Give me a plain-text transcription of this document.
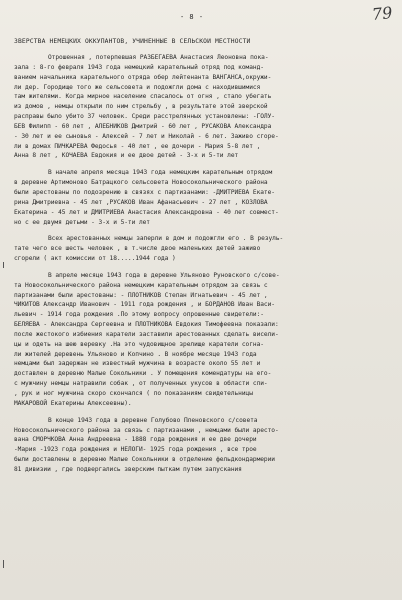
- 8 -	79
ЗВЕРСТВА НЕМЕЦКИХ ОККУПАНТОВ, УЧИНЕННЫЕ В СЕЛЬСКОЙ МЕСТНОСТИ
Отрошенная , потерпевшая РАЗБЕГАЕВА Анастасия Леоновна пока-
зала : 8-го февраля 1943 года немецкий карательный отряд под команд-
ванием начальника карательного отряда обер лейтенанта ВАНГАНСА,окружи-
ли дер. Городище того же сельсовета и подожгли дома с находившимися
там жителями. Когда мирное население спасалось от огня , стало убегать
из домов , немцы открыли по ним стрельбу , в результате этой зверской
расправы было убито 37 человек. Среди расстрелянных установлены: -ГОЛУ-
БЕВ Филипп - 60 лет , АЛЕБНИКОВ Дмитрий - 60 лет , РУСАКОВА Александра
- 30 лет и ее сыновья - Алексей - 7 лет и Николай - 6 лет. Заживо сгоре-
ли в домах ПИЧКАРЕВА Федосья - 40 лет , ее дочери - Мария 5-8 лет ,
Анна 8 лет , КОЧАЕВА Евдокия и ее двое детей - 3-х и 5-ти лет
В начале апреля месяца 1943 года немецким карательным отрядом
в деревне Артимоново Батрацкого сельсовета Новосокольнического района
были арестованы по подозрению в связях с партизанами: -ДМИТРИЕВА Екате-
рина Дмитриевна - 45 лет ,РУСАКОВ Иван Афанасьевич - 27 лет , КОЗЛОВА
Екатерина - 45 лет и ДМИТРИЕВА Анастасия Александровна - 40 лет совмест-
но с ее двумя детьми - 3-х и 5-ти лет
Всех арестованных немцы заперли в дом и подожгли его . В резуль-
тате чего все шесть человек , в т.числе двое маленьких детей заживо
сгорели ( акт комиссии от 18.....1944 года )
В апреле месяце 1943 года в деревне Ульяново Руновского с/сове-
та Новосокольнического района немецким карательным отрядом за связь с
партизанами были арестованы: - ПЛОТНИКОВ Степан Игнатьевич - 45 лет ,
ЧИКИТОВ Александр Иванович - 1911 года рождения , и БОРДАНОВ Иван Васи-
льевич - 1914 года рождения .По этому вопросу опрошенные свидетели:-
БЕЛЯЕВА - Александра Сергеевна и ПЛОТНИКОВА Евдокия Тимофеевна показали:
после жестокого избиения каратели заставили арестованных сделать висели-
цы и одеть на шею веревку .На это чудовищное зрелище каратели согна-
ли жителей деревень Ульяново и Копчино . В ноябре месяце 1943 года
немцами был задержан не известный мужчина в возрасте около 55 лет и
доставлен в деревню Малые Сокольники . У помещения комендатуры на его-
с мужчину немцы натравили собак , от полученных укусов в области спи-
, рук и ног мужчина скоро скончался ( по показаниям свидетельницы
МАКАРОВОЙ Екатерины Алексеевны).
В конце 1943 года в деревне Голубово Пленовского с/совета
Новосокольнического района за связь с партизанами , немцами были аресто-
вана СМОРЧКОВА Анна Андреевна - 1888 года рождения и ее две дочери
-Мария -1923 года рождения и НЕЛОГИ- 1925 года рождения , все трое
были доставлены в деревню Малые Сокольники в отделение фельдкондармерии
81 дивизии , где подвергались зверским пыткам путем запускания
